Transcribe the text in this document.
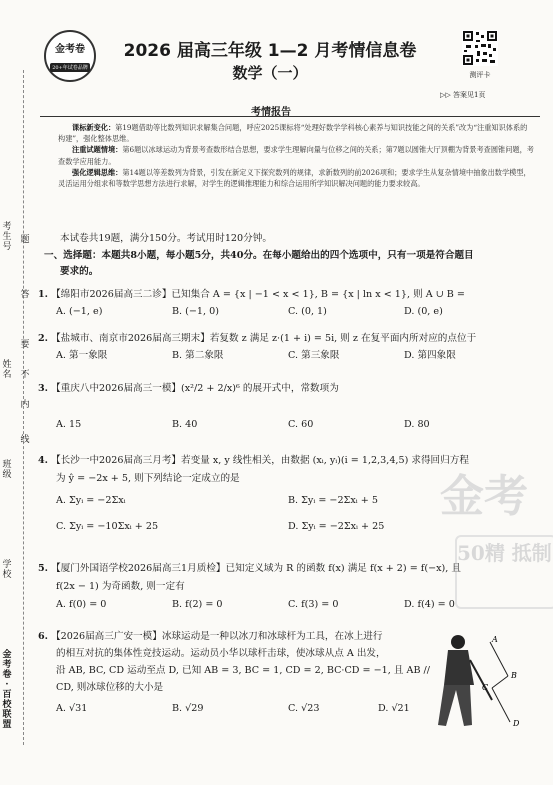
考生号
姓名
班级
学校
金考卷·百校联盟
题
答
要
不
内
线
金考卷
20+年试卷品牌
2026 届高三年级 1—2 月考情信息卷
数学（一）	测评卡
▷▷ 答案见1页
考情报告

课标新变化：第19题借助等比数列知识求解集合问题，呼应2025课标将“处理好数学学科核心素养与知识技能之间的关系”改为“注重知识体系的构建”，强化整体思维。

注重试题情境：第6题以冰球运动为背景考查数形结合思想，要求学生理解向量与位移之间的关系；第7题以圆锥大厅顶棚为背景考查圆锥问题，考查数学应用能力。

强化逻辑思维：第14题以等差数列为背景，引发在新定义下探究数列的规律，求新数列的前2026项和；要求学生从复杂情境中抽象出数学模型，灵活运用分组求和等数学思想方法进行求解，对学生的逻辑推理能力和综合运用所学知识解决问题的能力要求较高。

金考
50精 抵制
本试卷共19题，满分150分。考试用时120分钟。
一、选择题：本题共8小题，每小题5分，共40分。在每小题给出的四个选项中，只有一项是符合题目
要求的。
1. 【绵阳市2026届高三二诊】已知集合 A = {x | −1 < x < 1}, B = {x | ln x < 1}, 则 A ∪ B =
A. (−1, e)	B. (−1, 0)	C. (0, 1)	D. (0, e)
2. 【盐城市、南京市2026届高三期末】若复数 z 满足 z·(1 + i) = 5i, 则 z 在复平面内所对应的点位于
A. 第一象限	B. 第二象限	C. 第三象限	D. 第四象限
3. 【重庆八中2026届高三一模】(x²/2 + 2/x)⁶ 的展开式中，常数项为
A. 15	B. 40	C. 60	D. 80
4. 【长沙一中2026届高三月考】若变量 x, y 线性相关，由数据 (xᵢ, yᵢ)(i = 1,2,3,4,5) 求得回归方程
为 ŷ = −2x + 5, 则下列结论一定成立的是
A. Σyᵢ = −2Σxᵢ	B. Σyᵢ = −2Σxᵢ + 5
C. Σyᵢ = −10Σxᵢ + 25	D. Σyᵢ = −2Σxᵢ + 25
5. 【厦门外国语学校2026届高三1月质检】已知定义域为 R 的函数 f(x) 满足 f(x + 2) = f(−x), 且
f(2x − 1) 为奇函数, 则一定有
A. f(0) = 0	B. f(2) = 0	C. f(3) = 0	D. f(4) = 0
6. 【2026届高三广安一模】冰球运动是一种以冰刀和冰球杆为工具，在冰上进行
的相互对抗的集体性竞技运动。运动员小华以球杆击球，使冰球从点 A 出发，
沿 AB, BC, CD 运动至点 D, 已知 AB = 3, BC = 1, CD = 2, BC·CD = −1, 且 AB //
CD, 则冰球位移的大小是
A. √31	B. √29	C. √23	D. √21
A
B
C
D
